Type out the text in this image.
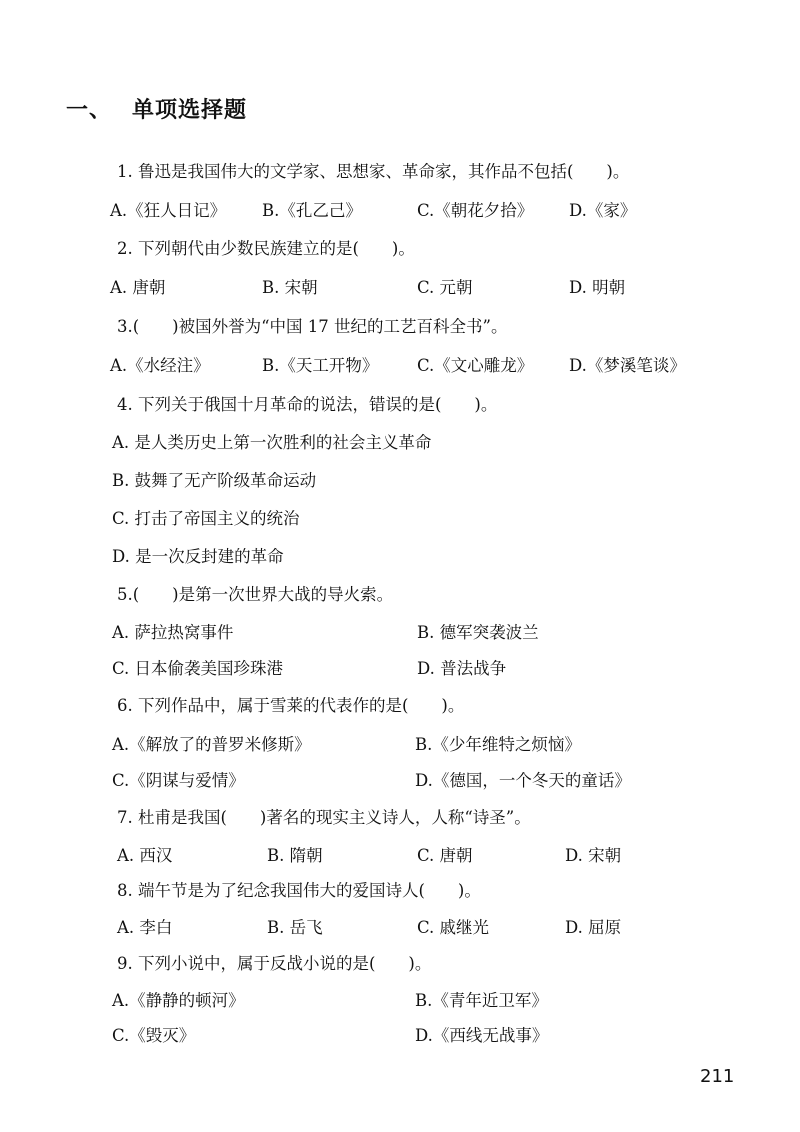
一、 单项选择题
1. 鲁迅是我国伟大的文学家、思想家、革命家，其作品不包括(　　)。
A.《狂人日记》 B.《孔乙己》	C.《朝花夕拾》 D.《家》
2. 下列朝代由少数民族建立的是(　　)。
A. 唐朝	B. 宋朝	C. 元朝	D. 明朝
3.(　　)被国外誉为“中国 17 世纪的工艺百科全书”。
A.《水经注》	B.《天工开物》 C.《文心雕龙》 D.《梦溪笔谈》
4. 下列关于俄国十月革命的说法，错误的是(　　)。
A. 是人类历史上第一次胜利的社会主义革命
B. 鼓舞了无产阶级革命运动
C. 打击了帝国主义的统治
D. 是一次反封建的革命
5.(　　)是第一次世界大战的导火索。
A. 萨拉热窝事件	B. 德军突袭波兰
C. 日本偷袭美国珍珠港	D. 普法战争
6. 下列作品中，属于雪莱的代表作的是(　　)。
A.《解放了的普罗米修斯》	B.《少年维特之烦恼》
C.《阴谋与爱情》	D.《德国，一个冬天的童话》
7. 杜甫是我国(　　)著名的现实主义诗人，人称“诗圣”。
A. 西汉	B. 隋朝	C. 唐朝	D. 宋朝
8. 端午节是为了纪念我国伟大的爱国诗人(　　)。
A. 李白	B. 岳飞	C. 戚继光	D. 屈原
9. 下列小说中，属于反战小说的是(　　)。
A.《静静的顿河》	B.《青年近卫军》
C.《毁灭》	D.《西线无战事》
211
